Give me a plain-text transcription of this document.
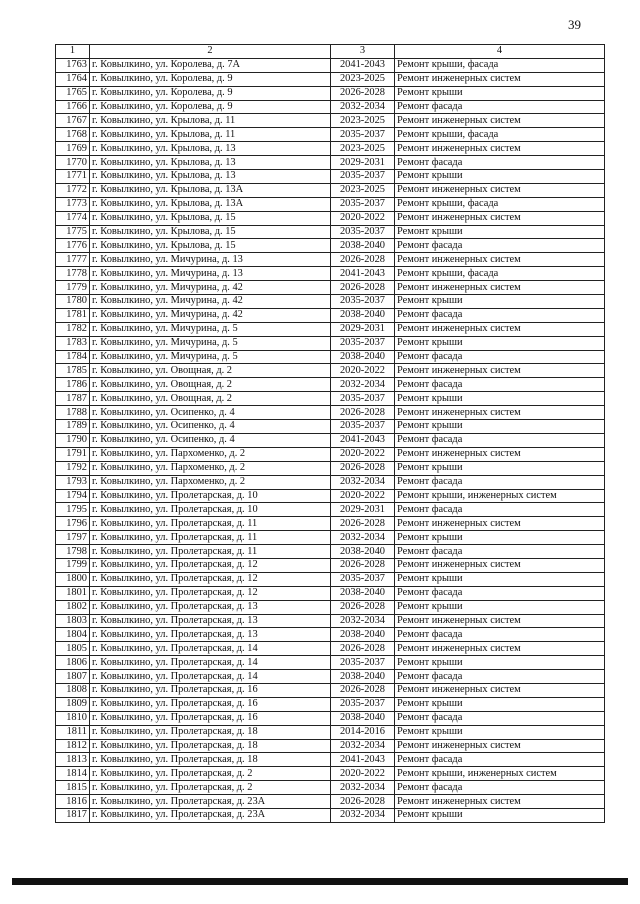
39
1	2	3	4
1763	г. Ковылкино, ул. Королева, д. 7А	2041-2043	Ремонт крыши, фасада
1764	г. Ковылкино, ул. Королева, д. 9	2023-2025	Ремонт инженерных систем
1765	г. Ковылкино, ул. Королева, д. 9	2026-2028	Ремонт крыши
1766	г. Ковылкино, ул. Королева, д. 9	2032-2034	Ремонт фасада
1767	г. Ковылкино, ул. Крылова, д. 11	2023-2025	Ремонт инженерных систем
1768	г. Ковылкино, ул. Крылова, д. 11	2035-2037	Ремонт крыши, фасада
1769	г. Ковылкино, ул. Крылова, д. 13	2023-2025	Ремонт инженерных систем
1770	г. Ковылкино, ул. Крылова, д. 13	2029-2031	Ремонт фасада
1771	г. Ковылкино, ул. Крылова, д. 13	2035-2037	Ремонт крыши
1772	г. Ковылкино, ул. Крылова, д. 13А	2023-2025	Ремонт инженерных систем
1773	г. Ковылкино, ул. Крылова, д. 13А	2035-2037	Ремонт крыши, фасада
1774	г. Ковылкино, ул. Крылова, д. 15	2020-2022	Ремонт инженерных систем
1775	г. Ковылкино, ул. Крылова, д. 15	2035-2037	Ремонт крыши
1776	г. Ковылкино, ул. Крылова, д. 15	2038-2040	Ремонт фасада
1777	г. Ковылкино, ул. Мичурина, д. 13	2026-2028	Ремонт инженерных систем
1778	г. Ковылкино, ул. Мичурина, д. 13	2041-2043	Ремонт крыши, фасада
1779	г. Ковылкино, ул. Мичурина, д. 42	2026-2028	Ремонт инженерных систем
1780	г. Ковылкино, ул. Мичурина, д. 42	2035-2037	Ремонт крыши
1781	г. Ковылкино, ул. Мичурина, д. 42	2038-2040	Ремонт фасада
1782	г. Ковылкино, ул. Мичурина, д. 5	2029-2031	Ремонт инженерных систем
1783	г. Ковылкино, ул. Мичурина, д. 5	2035-2037	Ремонт крыши
1784	г. Ковылкино, ул. Мичурина, д. 5	2038-2040	Ремонт фасада
1785	г. Ковылкино, ул. Овощная, д. 2	2020-2022	Ремонт инженерных систем
1786	г. Ковылкино, ул. Овощная, д. 2	2032-2034	Ремонт фасада
1787	г. Ковылкино, ул. Овощная, д. 2	2035-2037	Ремонт крыши
1788	г. Ковылкино, ул. Осипенко, д. 4	2026-2028	Ремонт инженерных систем
1789	г. Ковылкино, ул. Осипенко, д. 4	2035-2037	Ремонт крыши
1790	г. Ковылкино, ул. Осипенко, д. 4	2041-2043	Ремонт фасада
1791	г. Ковылкино, ул. Пархоменко, д. 2	2020-2022	Ремонт инженерных систем
1792	г. Ковылкино, ул. Пархоменко, д. 2	2026-2028	Ремонт крыши
1793	г. Ковылкино, ул. Пархоменко, д. 2	2032-2034	Ремонт фасада
1794	г. Ковылкино, ул. Пролетарская, д. 10	2020-2022	Ремонт крыши, инженерных систем
1795	г. Ковылкино, ул. Пролетарская, д. 10	2029-2031	Ремонт фасада
1796	г. Ковылкино, ул. Пролетарская, д. 11	2026-2028	Ремонт инженерных систем
1797	г. Ковылкино, ул. Пролетарская, д. 11	2032-2034	Ремонт крыши
1798	г. Ковылкино, ул. Пролетарская, д. 11	2038-2040	Ремонт фасада
1799	г. Ковылкино, ул. Пролетарская, д. 12	2026-2028	Ремонт инженерных систем
1800	г. Ковылкино, ул. Пролетарская, д. 12	2035-2037	Ремонт крыши
1801	г. Ковылкино, ул. Пролетарская, д. 12	2038-2040	Ремонт фасада
1802	г. Ковылкино, ул. Пролетарская, д. 13	2026-2028	Ремонт крыши
1803	г. Ковылкино, ул. Пролетарская, д. 13	2032-2034	Ремонт инженерных систем
1804	г. Ковылкино, ул. Пролетарская, д. 13	2038-2040	Ремонт фасада
1805	г. Ковылкино, ул. Пролетарская, д. 14	2026-2028	Ремонт инженерных систем
1806	г. Ковылкино, ул. Пролетарская, д. 14	2035-2037	Ремонт крыши
1807	г. Ковылкино, ул. Пролетарская, д. 14	2038-2040	Ремонт фасада
1808	г. Ковылкино, ул. Пролетарская, д. 16	2026-2028	Ремонт инженерных систем
1809	г. Ковылкино, ул. Пролетарская, д. 16	2035-2037	Ремонт крыши
1810	г. Ковылкино, ул. Пролетарская, д. 16	2038-2040	Ремонт фасада
1811	г. Ковылкино, ул. Пролетарская, д. 18	2014-2016	Ремонт крыши
1812	г. Ковылкино, ул. Пролетарская, д. 18	2032-2034	Ремонт инженерных систем
1813	г. Ковылкино, ул. Пролетарская, д. 18	2041-2043	Ремонт фасада
1814	г. Ковылкино, ул. Пролетарская, д. 2	2020-2022	Ремонт крыши, инженерных систем
1815	г. Ковылкино, ул. Пролетарская, д. 2	2032-2034	Ремонт фасада
1816	г. Ковылкино, ул. Пролетарская, д. 23А	2026-2028	Ремонт инженерных систем
1817	г. Ковылкино, ул. Пролетарская, д. 23А	2032-2034	Ремонт крыши
